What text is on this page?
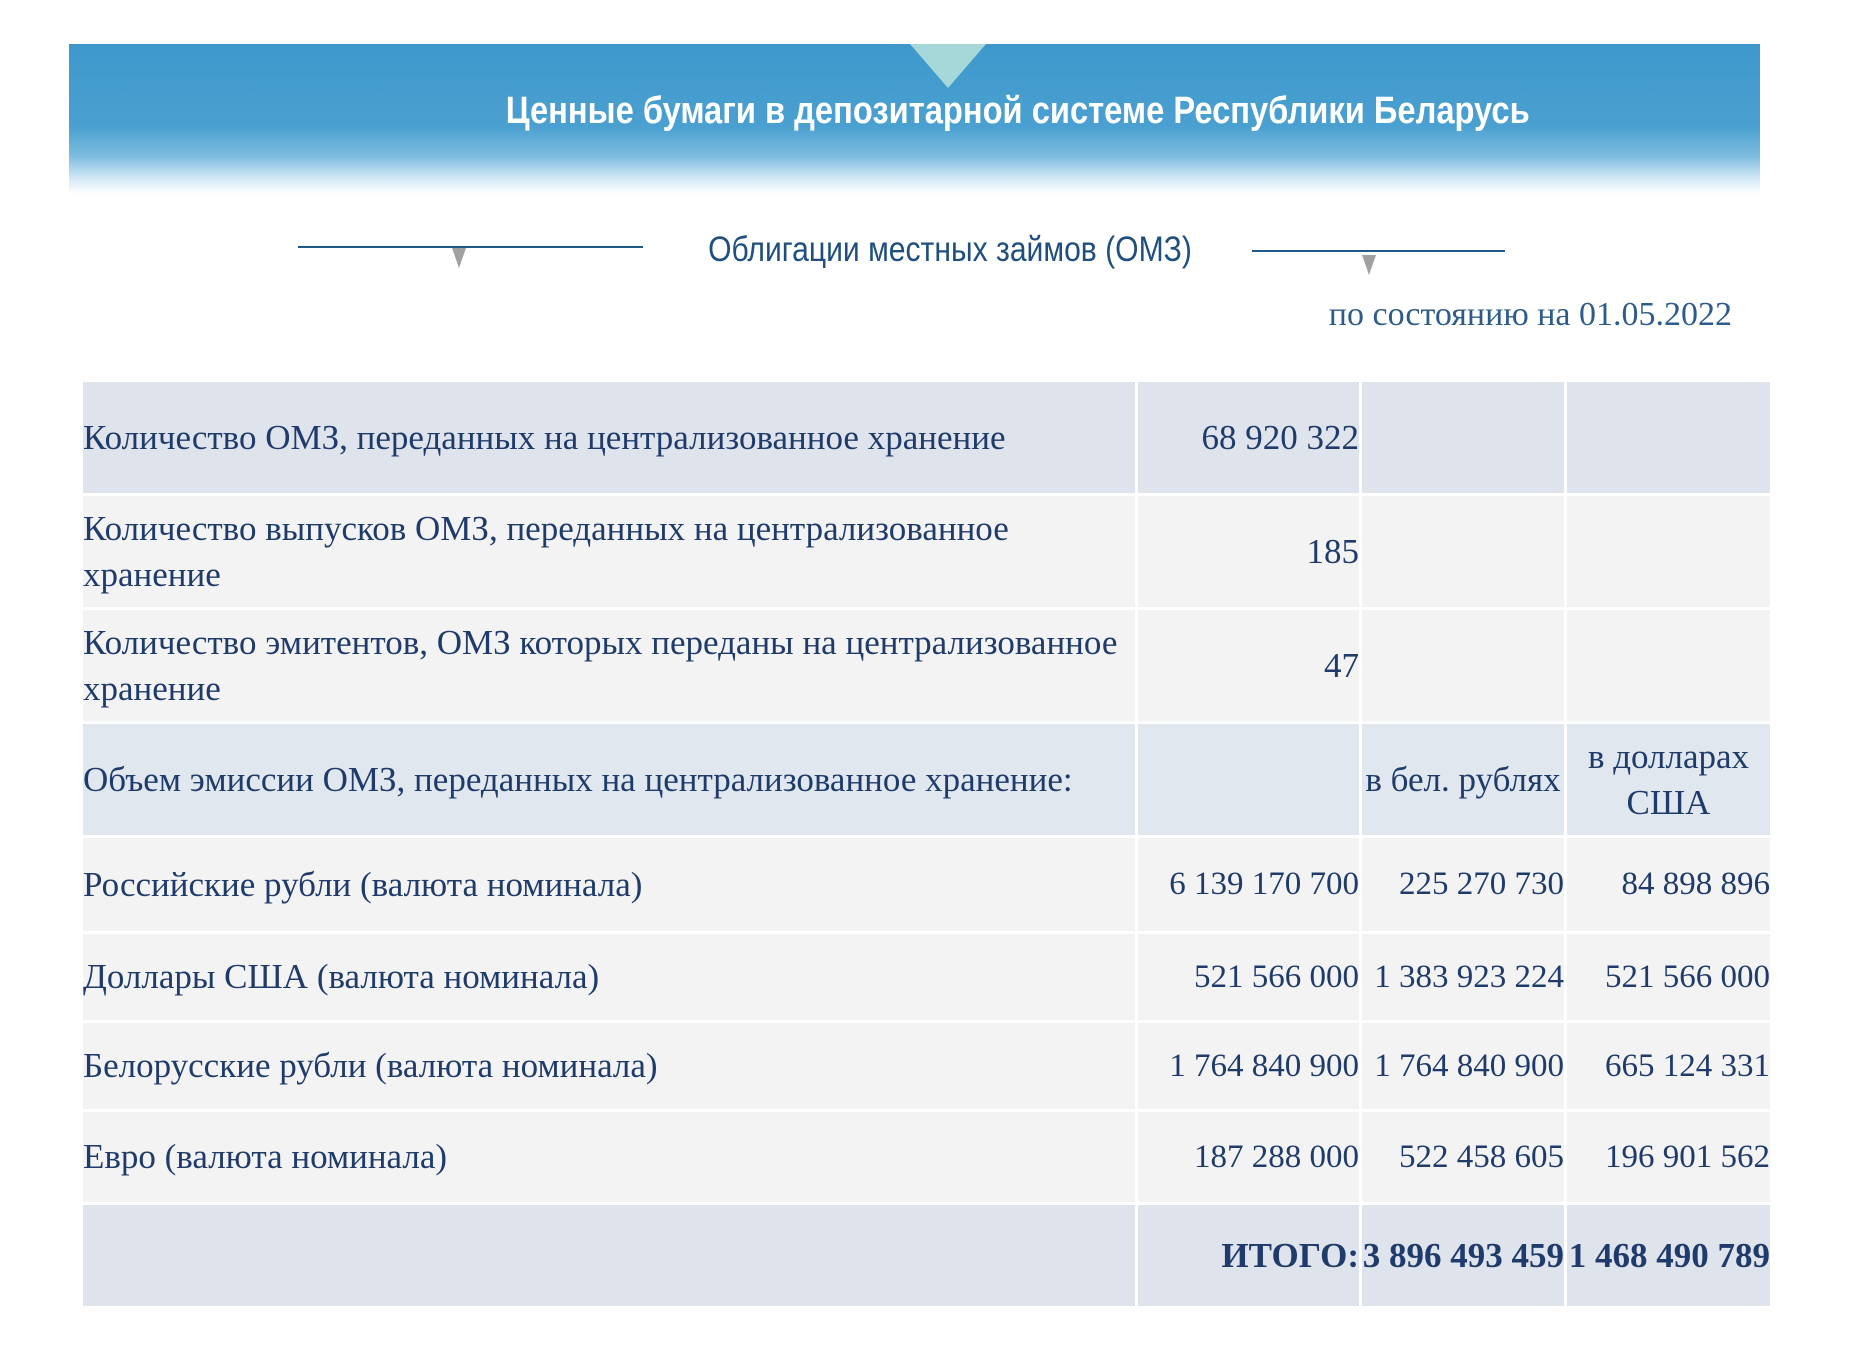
Ценные бумаги в депозитарной системе Республики Беларусь
Облигации местных займов (ОМЗ)
по состоянию на 01.05.2022
Количество ОМЗ, переданных на централизованное хранение	68 920 322		
Количество выпусков ОМЗ, переданных на централизованное хранение	185		
Количество эмитентов, ОМЗ которых переданы на централизованное хранение	47		
Объем эмиссии ОМЗ, переданных на централизованное хранение:		в бел. рублях	в долларах США
Российские рубли (валюта номинала)	6 139 170 700	225 270 730	84 898 896
Доллары США (валюта номинала)	521 566 000	1 383 923 224	521 566 000
Белорусские рубли (валюта номинала)	1 764 840 900	1 764 840 900	665 124 331
Евро (валюта номинала)	187 288 000	522 458 605	196 901 562
	ИТОГО:	3 896 493 459	1 468 490 789
